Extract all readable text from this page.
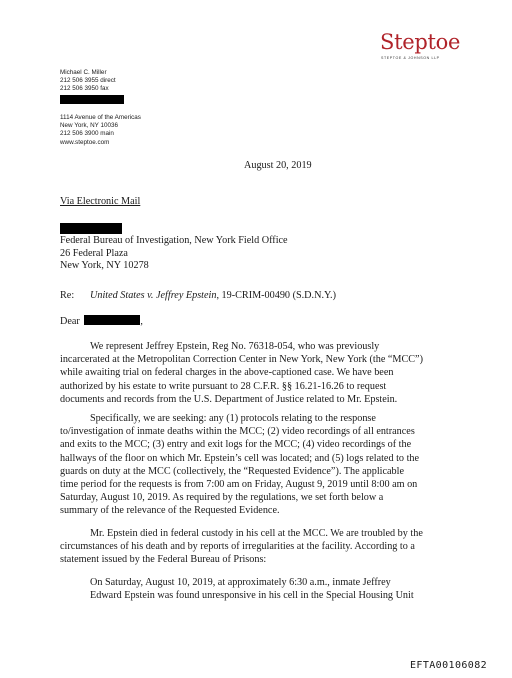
Steptoe
STEPTOE & JOHNSON LLP
Michael C. Miller
212 506 3955 direct
212 506 3950 fax
1114 Avenue of the Americas
New York, NY 10036
212 506 3900 main
www.steptoe.com
August 20, 2019
Via Electronic Mail
Federal Bureau of Investigation, New York Field Office
26 Federal Plaza
New York, NY 10278
Re: United States v. Jeffrey Epstein, 19-CRIM-00490 (S.D.N.Y.)
Dear	,
We represent Jeffrey Epstein, Reg No. 76318-054, who was previously
incarcerated at the Metropolitan Correction Center in New York, New York (the “MCC”)
while awaiting trial on federal charges in the above-captioned case. We have been
authorized by his estate to write pursuant to 28 C.F.R. §§ 16.21-16.26 to request
documents and records from the U.S. Department of Justice related to Mr. Epstein.
Specifically, we are seeking: any (1) protocols relating to the response
to/investigation of inmate deaths within the MCC; (2) video recordings of all entrances
and exits to the MCC; (3) entry and exit logs for the MCC; (4) video recordings of the
hallways of the floor on which Mr. Epstein’s cell was located; and (5) logs related to the
guards on duty at the MCC (collectively, the “Requested Evidence”). The applicable
time period for the requests is from 7:00 am on Friday, August 9, 2019 until 8:00 am on
Saturday, August 10, 2019. As required by the regulations, we set forth below a
summary of the relevance of the Requested Evidence.
Mr. Epstein died in federal custody in his cell at the MCC. We are troubled by the
circumstances of his death and by reports of irregularities at the facility. According to a
statement issued by the Federal Bureau of Prisons:
On Saturday, August 10, 2019, at approximately 6:30 a.m., inmate Jeffrey
Edward Epstein was found unresponsive in his cell in the Special Housing Unit
EFTA00106082
